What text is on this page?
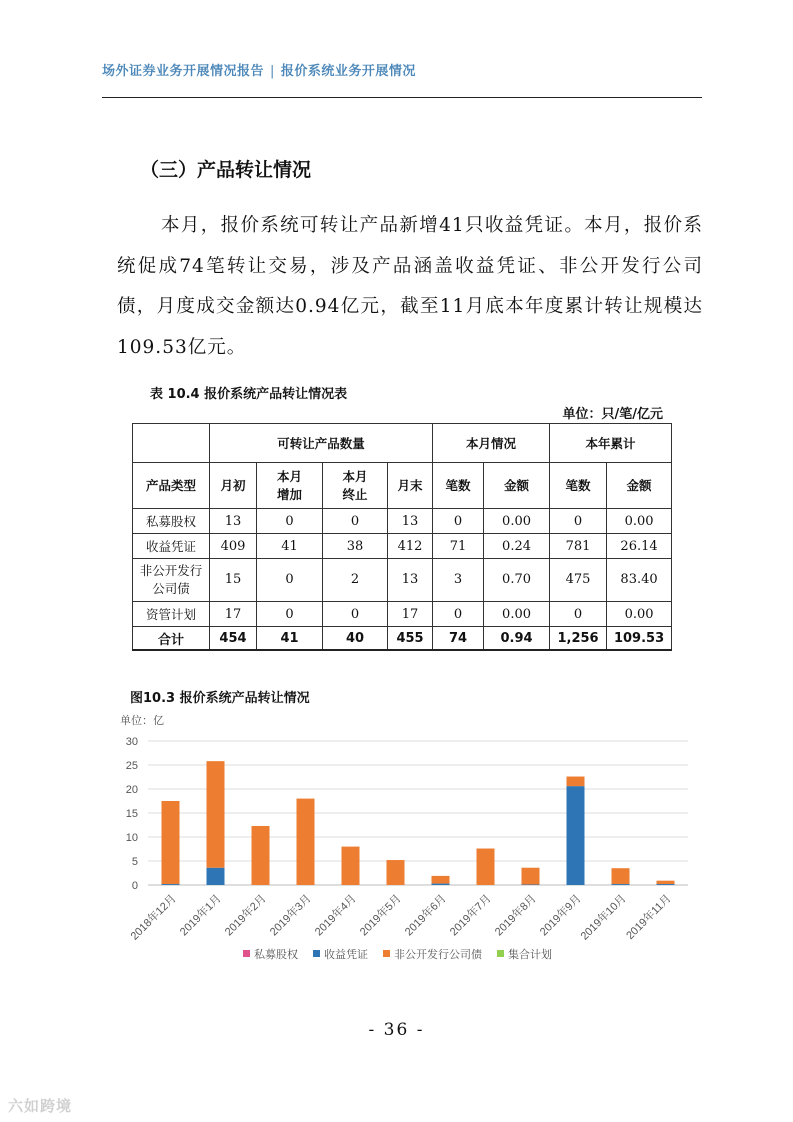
场外证券业务开展情况报告 | 报价系统业务开展情况
（三）产品转让情况
本月，报价系统可转让产品新增41只收益凭证。本月，报价系统促成74笔转让交易，涉及产品涵盖收益凭证、非公开发行公司债，月度成交金额达0.94亿元，截至11月底本年度累计转让规模达109.53亿元。
表 10.4 报价系统产品转让情况表
单位：只/笔/亿元
	可转让产品数量				本月情况		本年累计	
产品类型	月初	本月增加	本月终止	月末	笔数	金额	笔数	金额
私募股权	13	0	0	13	0	0.00	0	0.00
收益凭证	409	41	38	412	71	0.24	781	26.14
非公开发行公司债	15	0	2	13	3	0.70	475	83.40
资管计划	17	0	0	17	0	0.00	0	0.00
合计	454	41	40	455	74	0.94	1,256	109.53
图10.3 报价系统产品转让情况
单位：亿
0
5
10
15
20
25
30
2018年12月 2019年1月 2019年2月 2019年3月 2019年4月 2019年5月 2019年6月 2019年7月 2019年8月 2019年9月
2019年10月
2019年11月
私募股权 收益凭证 非公开发行公司债 集合计划
- 36 -
六如跨境
